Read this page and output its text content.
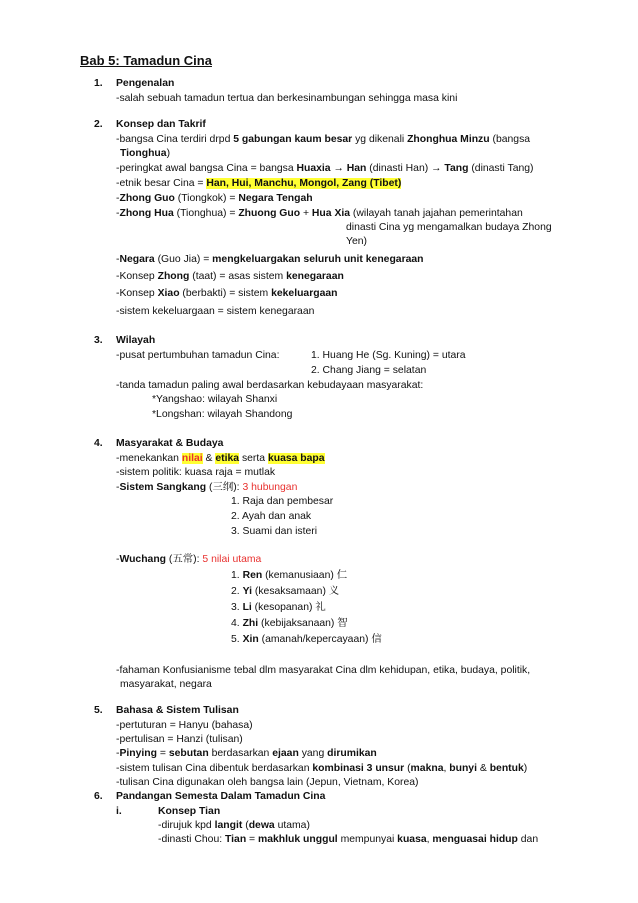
Bab 5: Tamadun Cina
1. Pengenalan
-salah sebuah tamadun tertua dan berkesinambungan sehingga masa kini
2. Konsep dan Takrif
-bangsa Cina terdiri drpd 5 gabungan kaum besar yg dikenali Zhonghua Minzu (bangsa
Tionghua)
-peringkat awal bangsa Cina = bangsa Huaxia → Han (dinasti Han) → Tang (dinasti Tang)
-etnik besar Cina = Han, Hui, Manchu, Mongol, Zang (Tibet)
-Zhong Guo (Tiongkok) = Negara Tengah
-Zhong Hua (Tionghua) = Zhuong Guo + Hua Xia (wilayah tanah jajahan pemerintahan
dinasti Cina yg mengamalkan budaya Zhong
Yen)
-Negara (Guo Jia) = mengkeluargakan seluruh unit kenegaraan
-Konsep Zhong (taat) = asas sistem kenegaraan
-Konsep Xiao (berbakti) = sistem kekeluargaan
-sistem kekeluargaan = sistem kenegaraan
3. Wilayah
-pusat pertumbuhan tamadun Cina:	1. Huang He (Sg. Kuning) = utara
2. Chang Jiang = selatan
-tanda tamadun paling awal berdasarkan kebudayaan masyarakat:
*Yangshao: wilayah Shanxi
*Longshan: wilayah Shandong
4. Masyarakat & Budaya
-menekankan nilai & etika serta kuasa bapa
-sistem politik: kuasa raja = mutlak
-Sistem Sangkang (三纲): 3 hubungan
1. Raja dan pembesar
2. Ayah dan anak
3. Suami dan isteri
-Wuchang (五常): 5 nilai utama
1. Ren (kemanusiaan) 仁
2. Yi (kesaksamaan) 义
3. Li (kesopanan) 礼
4. Zhi (kebijaksanaan) 智
5. Xin (amanah/kepercayaan) 信
-fahaman Konfusianisme tebal dlm masyarakat Cina dlm kehidupan, etika, budaya, politik,
masyarakat, negara
5. Bahasa & Sistem Tulisan
-pertuturan = Hanyu (bahasa)
-pertulisan = Hanzi (tulisan)
-Pinying = sebutan berdasarkan ejaan yang dirumikan
-sistem tulisan Cina dibentuk berdasarkan kombinasi 3 unsur (makna, bunyi & bentuk)
-tulisan Cina digunakan oleh bangsa lain (Jepun, Vietnam, Korea)
6. Pandangan Semesta Dalam Tamadun Cina
i.	Konsep Tian
-dirujuk kpd langit (dewa utama)
-dinasti Chou: Tian = makhluk unggul mempunyai kuasa, menguasai hidup dan
